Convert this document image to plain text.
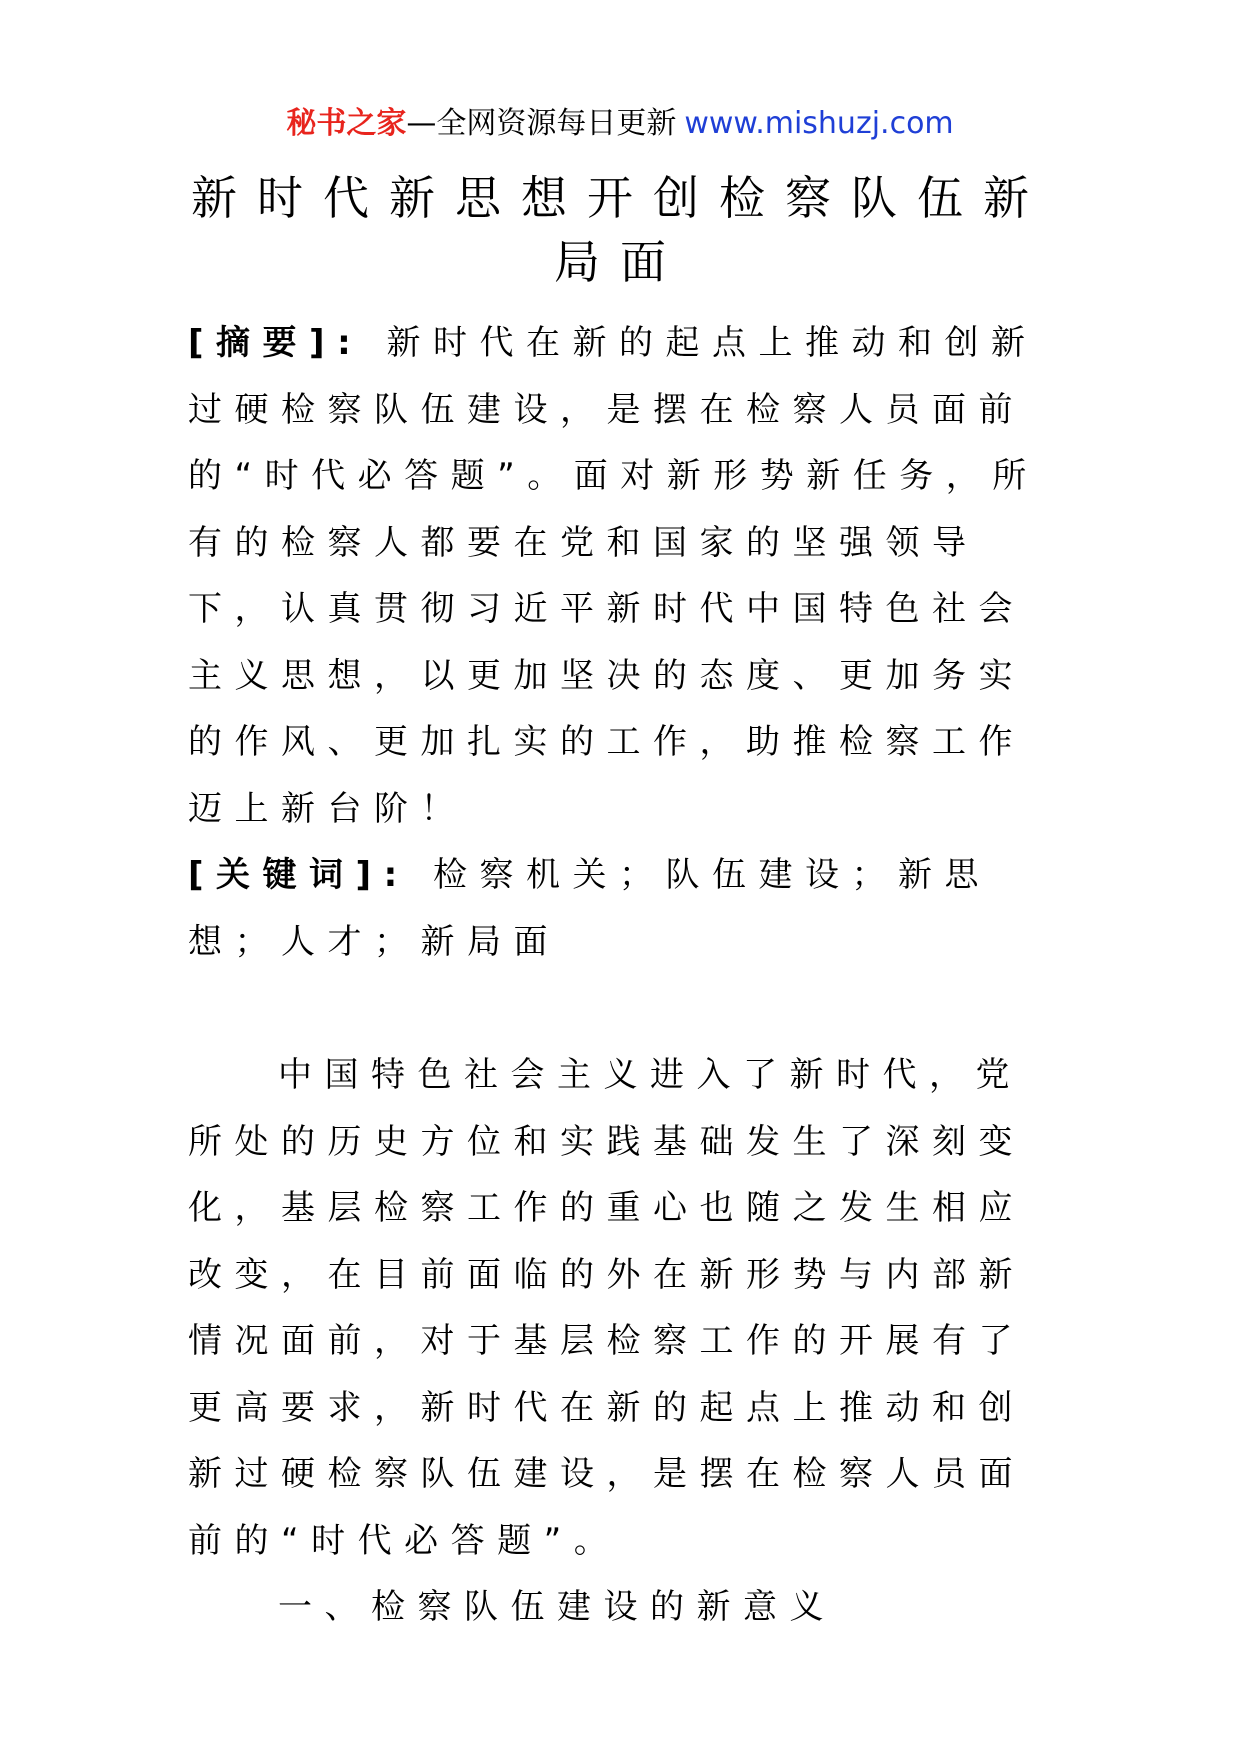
秘书之家—全网资源每日更新 www.mishuzj.com
新时代新思想开创检察队伍新
局面

[摘要]: 新时代在新的起点上推动和创新过硬检察队伍建设，是摆在检察人员面前的“时代必答题”。面对新形势新任务，所有的检察人都要在党和国家的坚强领导下，认真贯彻习近平新时代中国特色社会主义思想，以更加坚决的态度、更加务实的作风、更加扎实的工作，助推检察工作迈上新台阶！

[关键词]: 检察机关；队伍建设；新思想；人才；新局面

中国特色社会主义进入了新时代，党所处的历史方位和实践基础发生了深刻变化，基层检察工作的重心也随之发生相应改变，在目前面临的外在新形势与内部新情况面前，对于基层检察工作的开展有了更高要求，新时代在新的起点上推动和创新过硬检察队伍建设，是摆在检察人员面前的“时代必答题”。

一、检察队伍建设的新意义
